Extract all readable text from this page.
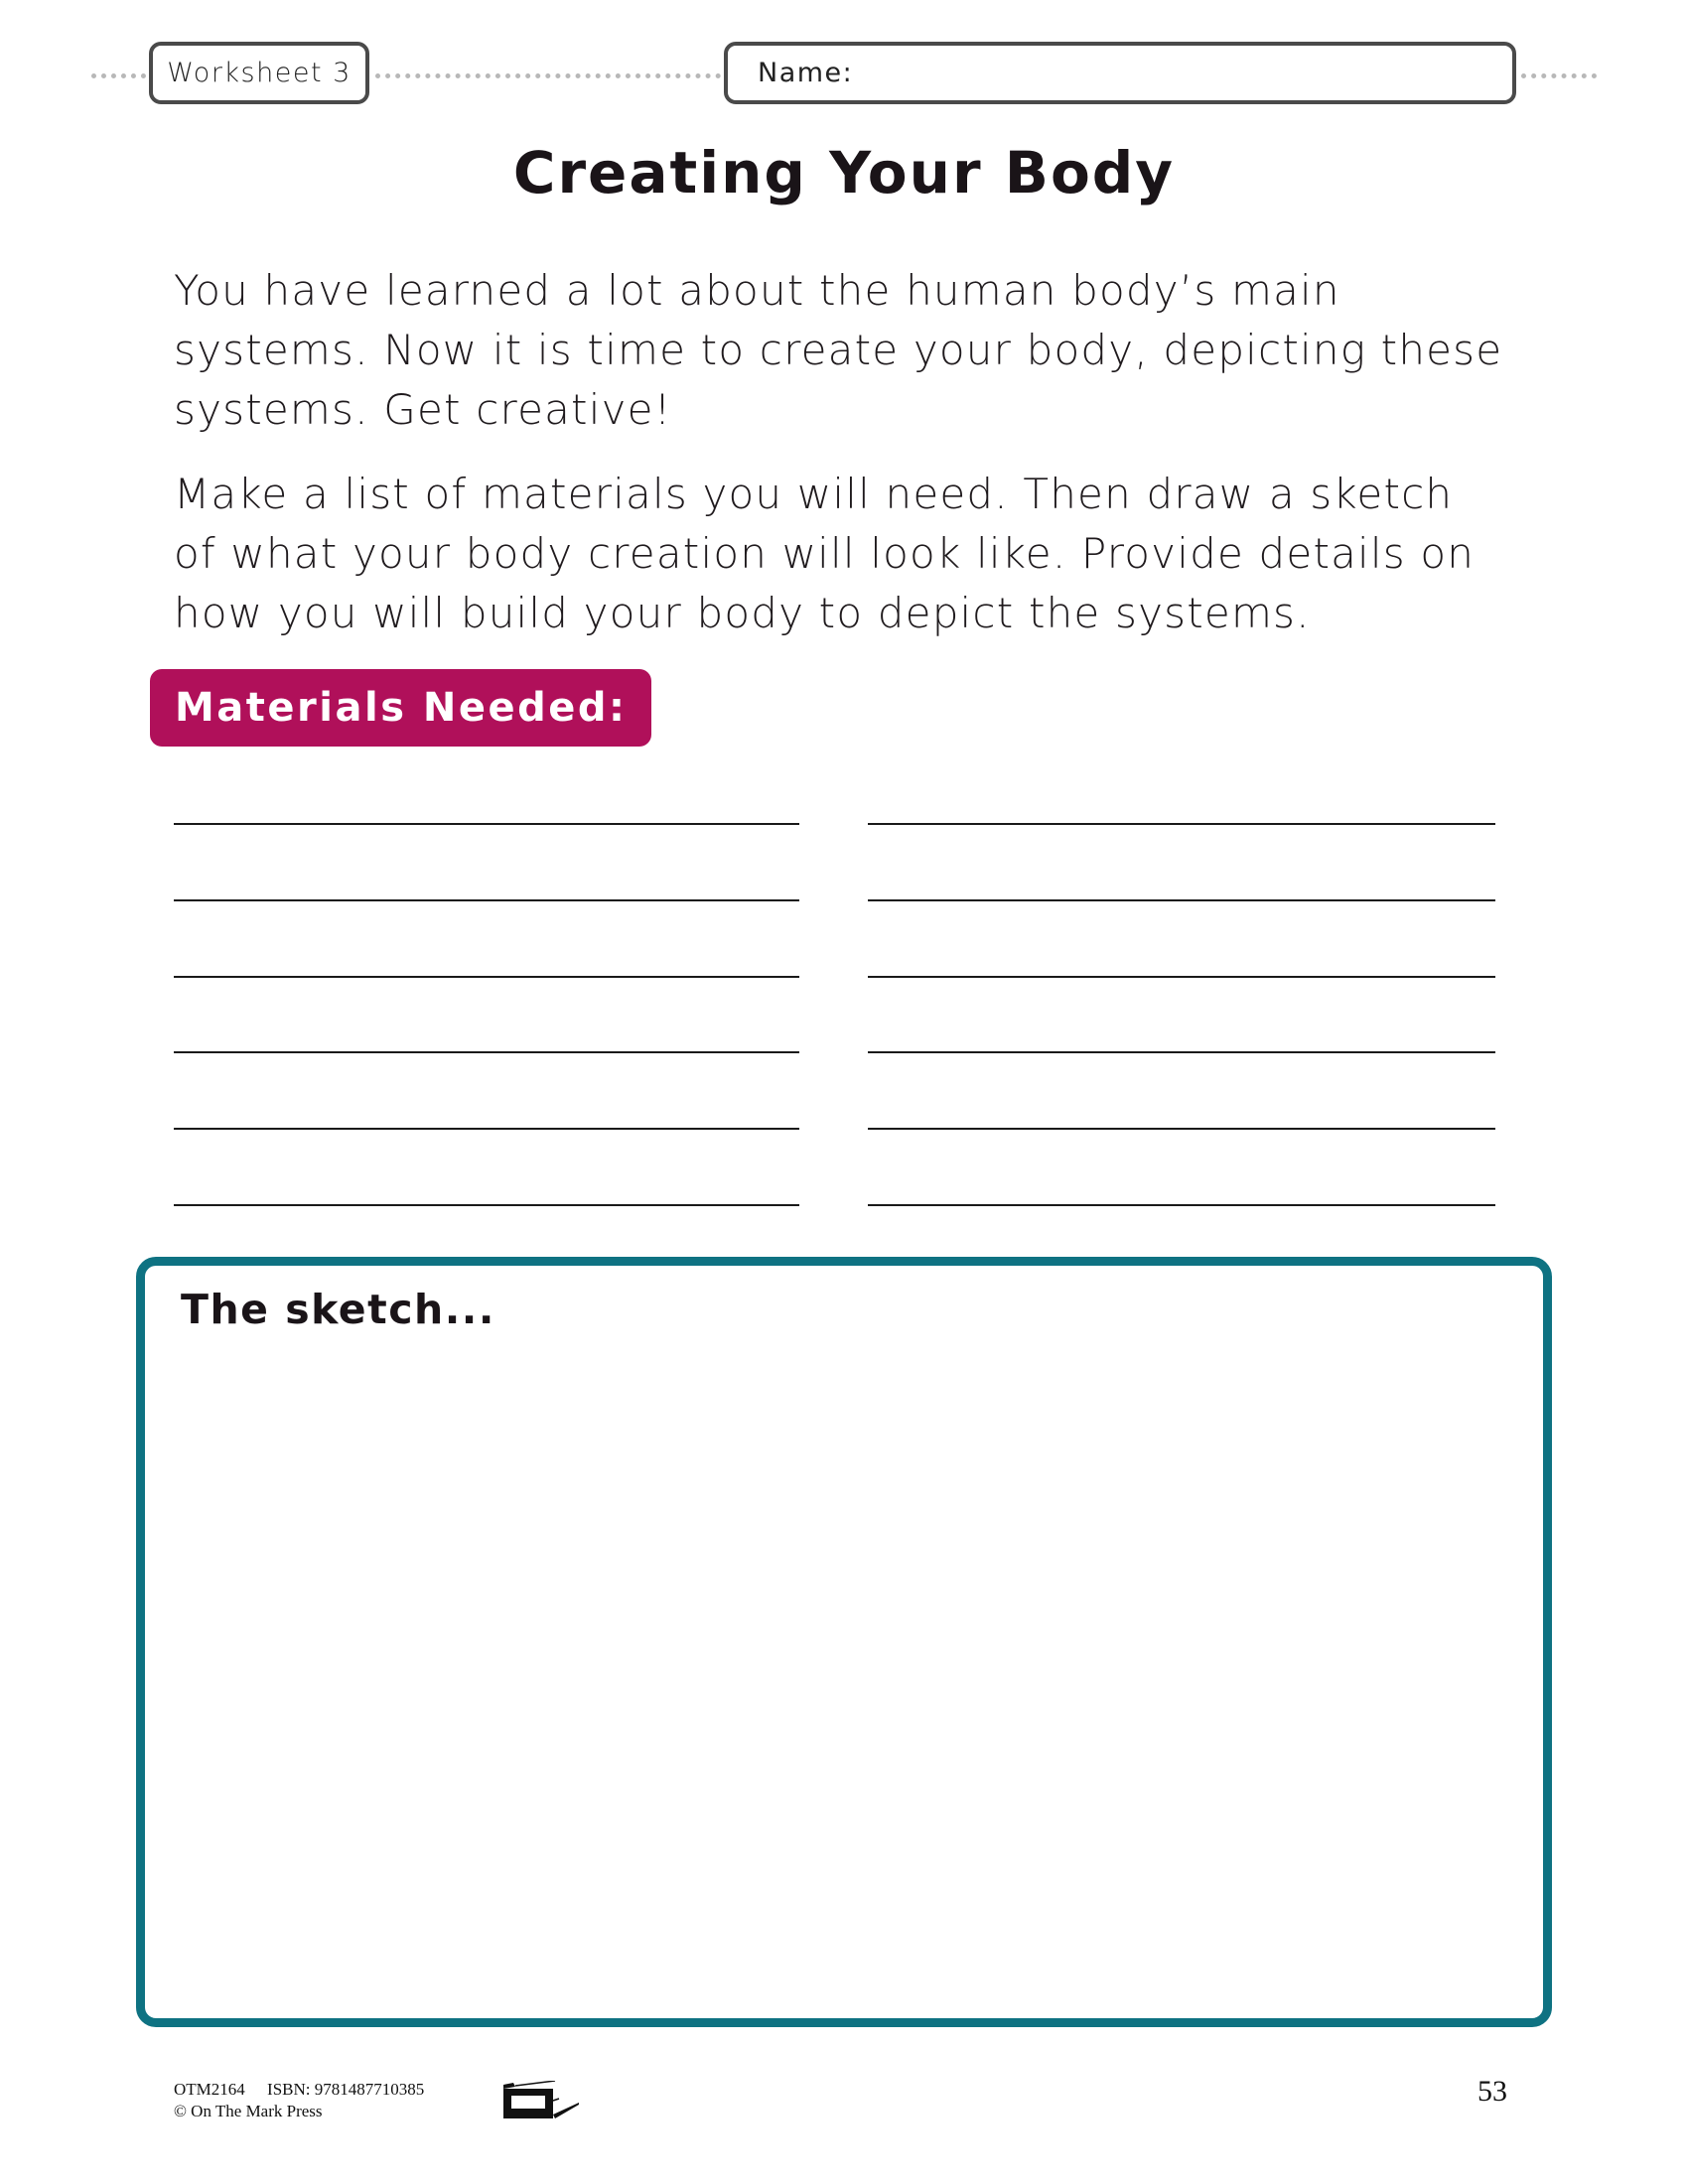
Worksheet 3	Name:
Creating Your Body

You have learned a lot about the human body’s main systems. Now it is time to create your body, depicting these systems. Get creative!

Make a list of materials you will need. Then draw a sketch of what your body creation will look like. Provide details on how you will build your body to depict the systems.

Materials Needed:
The sketch...
OTM2164 ISBN: 9781487710385
© On The Mark Press
53
